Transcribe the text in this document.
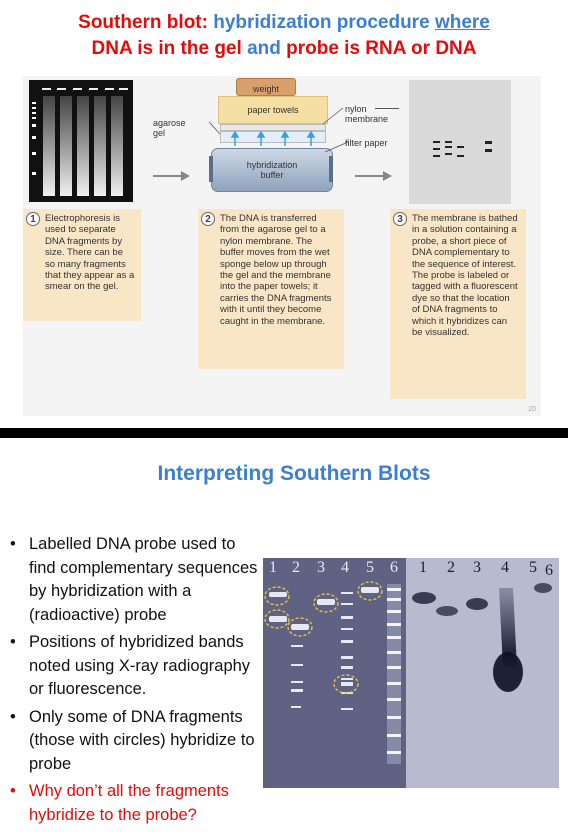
Southern blot: hybridization procedure where
DNA is in the gel and probe is RNA or DNA
weight
paper towels
hybridization
buffer
agarose
gel
nylon
membrane
filter paper
1 Electrophoresis is used to separate DNA fragments by size. There can be so many fragments that they appear as a smear on the gel.
2 The DNA is transferred from the agarose gel to a nylon membrane. The buffer moves from the wet sponge below up through the gel and the membrane into the paper towels; it carries the DNA fragments with it until they become caught in the membrane.
3 The membrane is bathed in a solution containing a probe, a short piece of DNA complementary to the sequence of interest. The probe is labeled or tagged with a fluorescent dye so that the location of DNA fragments to which it hybridizes can be visualized.
20
Interpreting Southern Blots
• Labelled DNA probe used to find complementary sequences by hybridization with a (radioactive) probe
• Positions of hybridized bands noted using X-ray radiography or fluorescence.
• Only some of DNA fragments (those with circles) hybridize to probe
• Why don’t all the fragments hybridize to the probe?
1 2 3 4 5 6 1 2 3 4 5 6
